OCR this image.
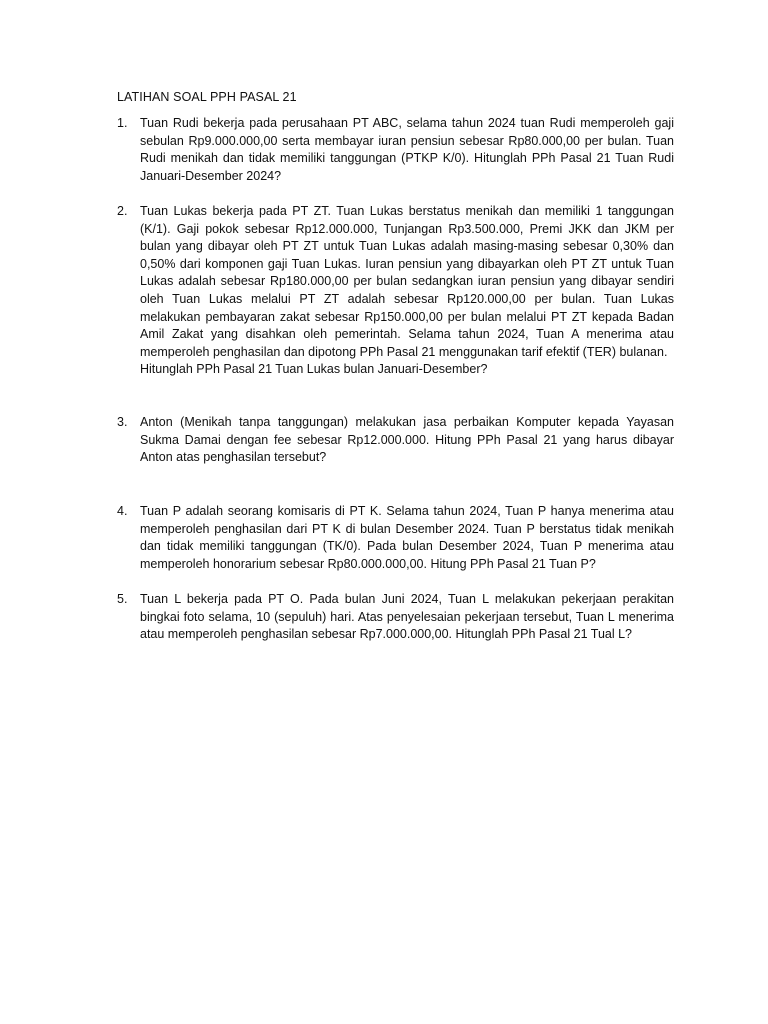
LATIHAN SOAL PPH PASAL 21
1. Tuan Rudi bekerja pada perusahaan PT ABC, selama tahun 2024 tuan Rudi memperoleh gaji sebulan Rp9.000.000,00 serta membayar iuran pensiun sebesar Rp80.000,00 per bulan. Tuan Rudi menikah dan tidak memiliki tanggungan (PTKP K/0). Hitunglah PPh Pasal 21 Tuan Rudi Januari-Desember 2024?

2. Tuan Lukas bekerja pada PT ZT. Tuan Lukas berstatus menikah dan memiliki 1 tanggungan (K/1). Gaji pokok sebesar Rp12.000.000, Tunjangan Rp3.500.000, Premi JKK dan JKM per bulan yang dibayar oleh PT ZT untuk Tuan Lukas adalah masing-masing sebesar 0,30% dan 0,50% dari komponen gaji Tuan Lukas. Iuran pensiun yang dibayarkan oleh PT ZT untuk Tuan Lukas adalah sebesar Rp180.000,00 per bulan sedangkan iuran pensiun yang dibayar sendiri oleh Tuan Lukas melalui PT ZT adalah sebesar Rp120.000,00 per bulan. Tuan Lukas melakukan pembayaran zakat sebesar Rp150.000,00 per bulan melalui PT ZT kepada Badan Amil Zakat yang disahkan oleh pemerintah. Selama tahun 2024, Tuan A menerima atau memperoleh penghasilan dan dipotong PPh Pasal 21 menggunakan tarif efektif (TER) bulanan.

Hitunglah PPh Pasal 21 Tuan Lukas bulan Januari-Desember?

3. Anton (Menikah tanpa tanggungan) melakukan jasa perbaikan Komputer kepada Yayasan Sukma Damai dengan fee sebesar Rp12.000.000. Hitung PPh Pasal 21 yang harus dibayar Anton atas penghasilan tersebut?

4. Tuan P adalah seorang komisaris di PT K. Selama tahun 2024, Tuan P hanya menerima atau memperoleh penghasilan dari PT K di bulan Desember 2024. Tuan P berstatus tidak menikah dan tidak memiliki tanggungan (TK/0). Pada bulan Desember 2024, Tuan P menerima atau memperoleh honorarium sebesar Rp80.000.000,00. Hitung PPh Pasal 21 Tuan P?

5. Tuan L bekerja pada PT O. Pada bulan Juni 2024, Tuan L melakukan pekerjaan perakitan bingkai foto selama, 10 (sepuluh) hari. Atas penyelesaian pekerjaan tersebut, Tuan L menerima atau memperoleh penghasilan sebesar Rp7.000.000,00. Hitunglah PPh Pasal 21 Tual L?
